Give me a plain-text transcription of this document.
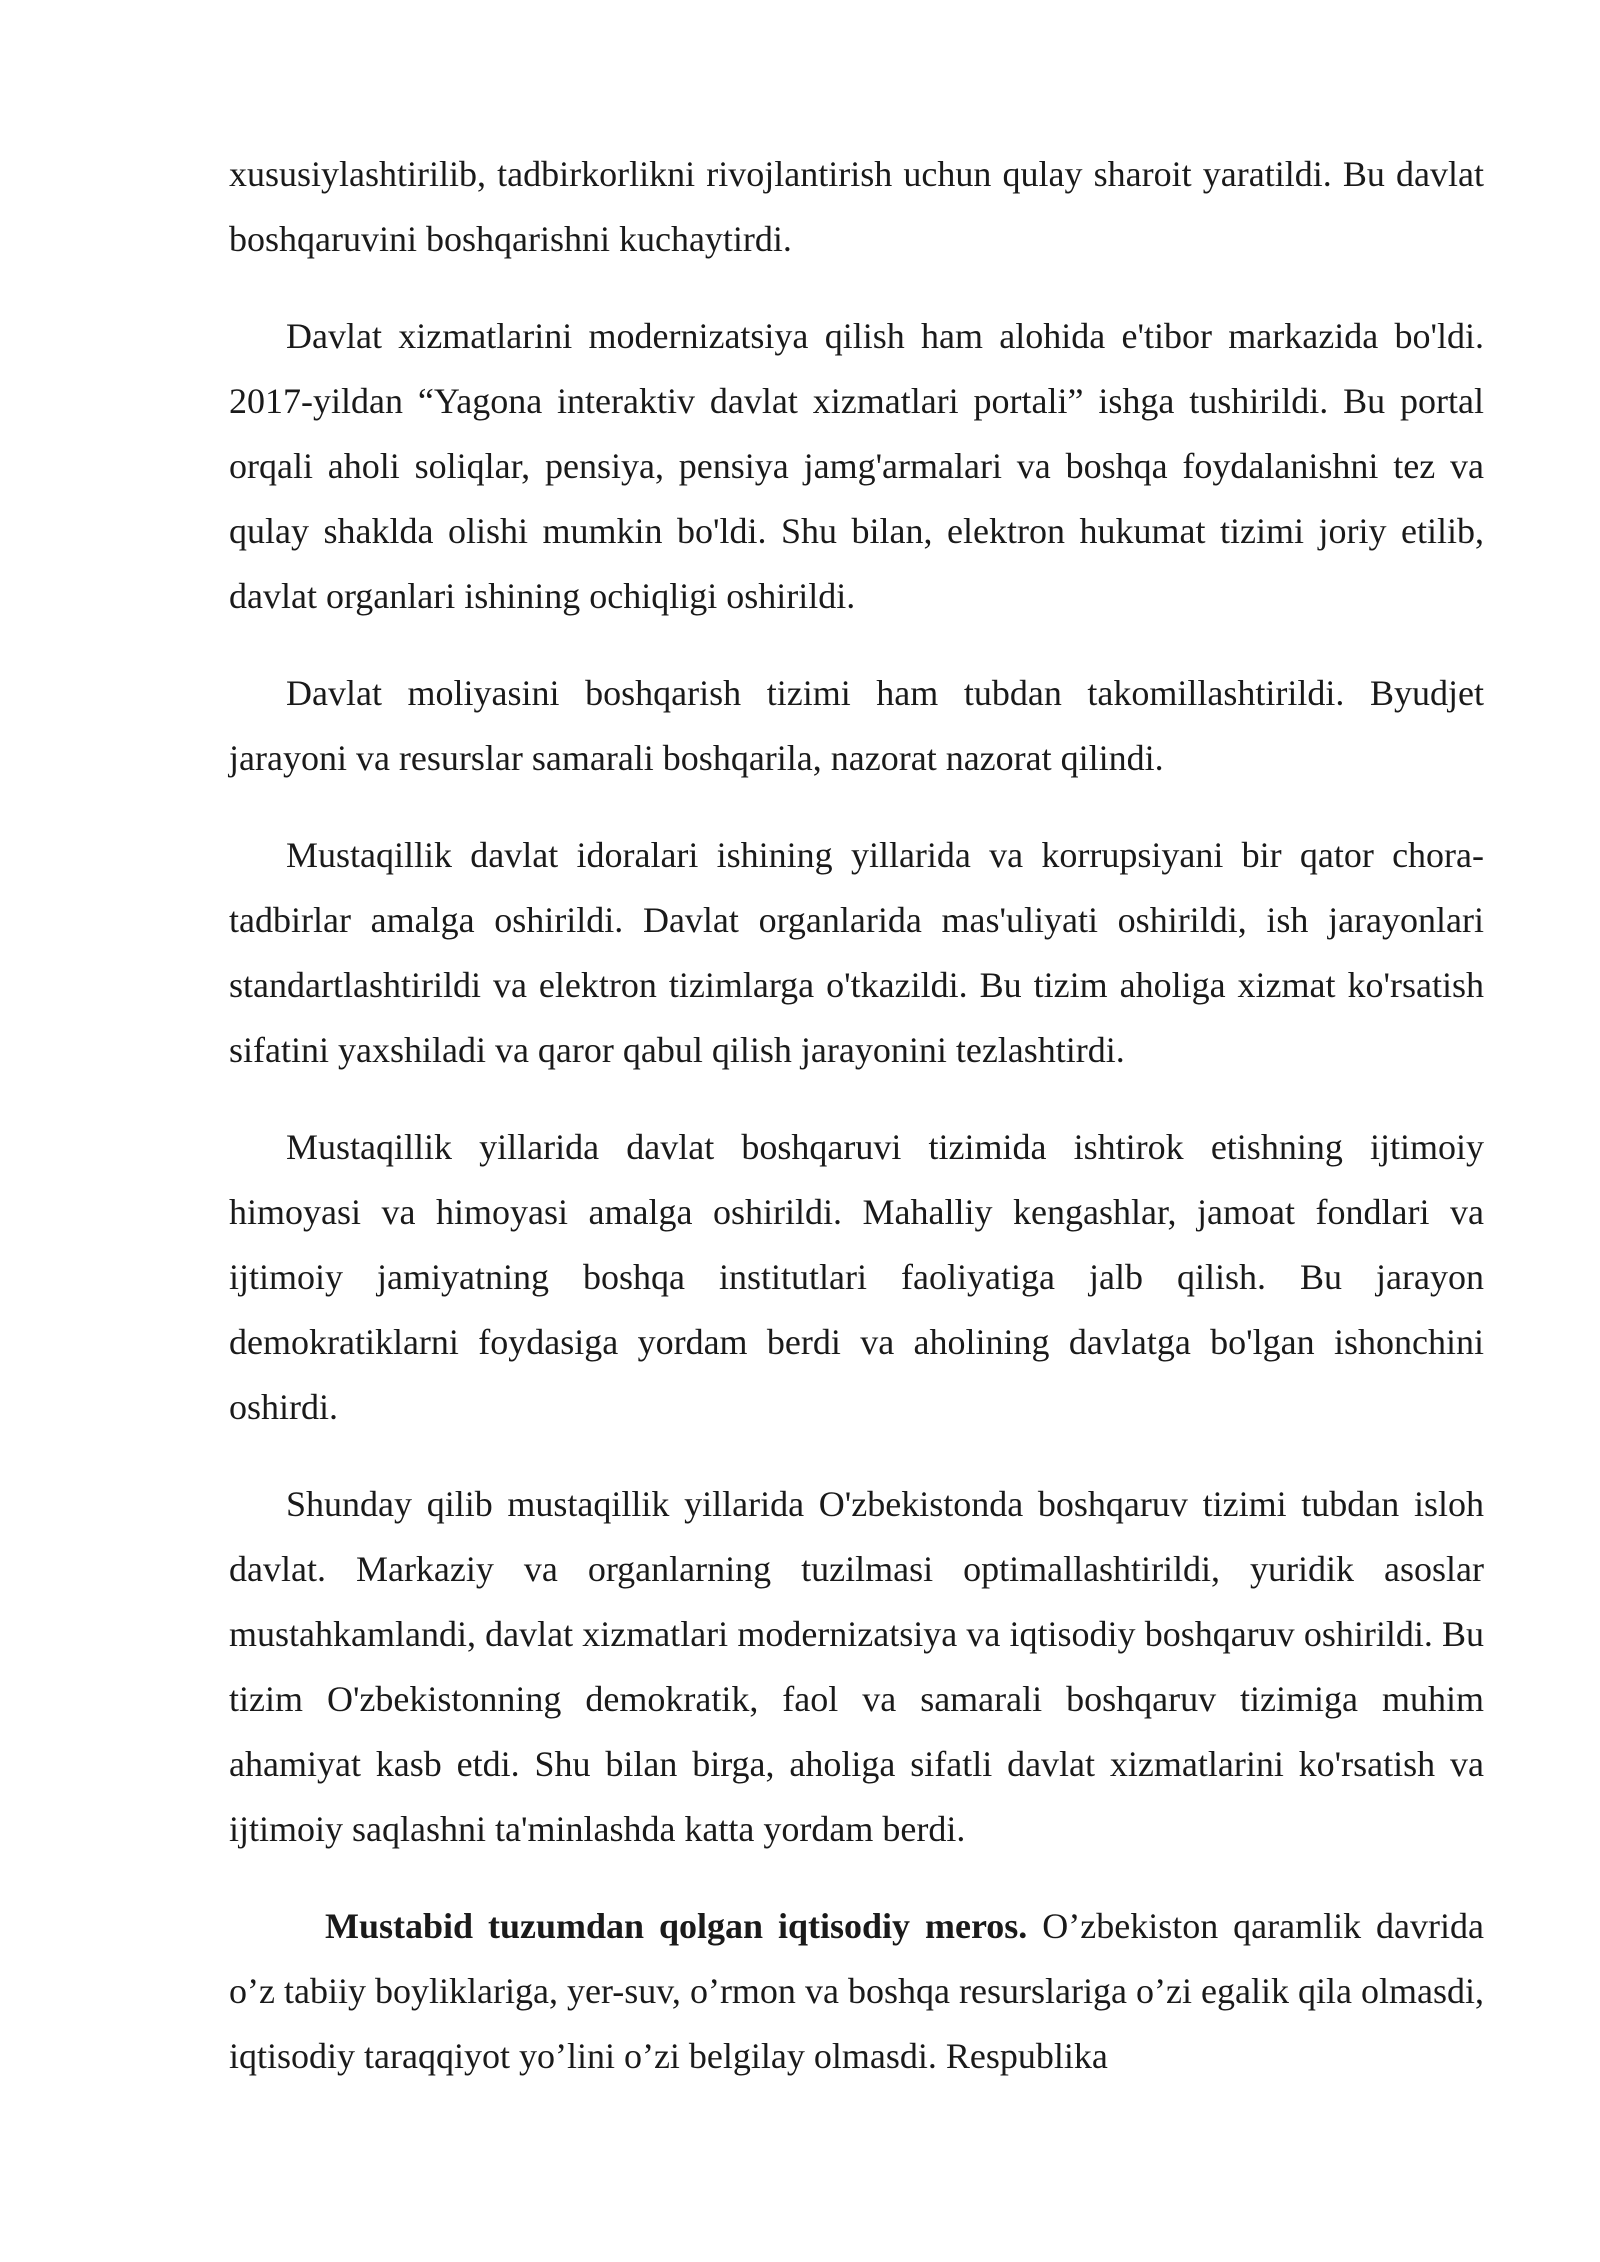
xususiylashtirilib, tadbirkorlikni rivojlantirish uchun qulay sharoit yaratildi. Bu davlat boshqaruvini boshqarishni kuchaytirdi.

Davlat xizmatlarini modernizatsiya qilish ham alohida e'tibor markazida bo'ldi. 2017-yildan “Yagona interaktiv davlat xizmatlari portali” ishga tushirildi. Bu portal orqali aholi soliqlar, pensiya, pensiya jamg'armalari va boshqa foydalanishni tez va qulay shaklda olishi mumkin bo'ldi. Shu bilan, elektron hukumat tizimi joriy etilib, davlat organlari ishining ochiqligi oshirildi.

Davlat moliyasini boshqarish tizimi ham tubdan takomillashtirildi. Byudjet jarayoni va resurslar samarali boshqarila, nazorat nazorat qilindi.

Mustaqillik davlat idoralari ishining yillarida va korrupsiyani bir qator chora-tadbirlar amalga oshirildi. Davlat organlarida mas'uliyati oshirildi, ish jarayonlari standartlashtirildi va elektron tizimlarga o'tkazildi. Bu tizim aholiga xizmat ko'rsatish sifatini yaxshiladi va qaror qabul qilish jarayonini tezlashtirdi.

Mustaqillik yillarida davlat boshqaruvi tizimida ishtirok etishning ijtimoiy himoyasi va himoyasi amalga oshirildi. Mahalliy kengashlar, jamoat fondlari va ijtimoiy jamiyatning boshqa institutlari faoliyatiga jalb qilish. Bu jarayon demokratiklarni foydasiga yordam berdi va aholining davlatga bo'lgan ishonchini oshirdi.

Shunday qilib mustaqillik yillarida O'zbekistonda boshqaruv tizimi tubdan isloh davlat. Markaziy va organlarning tuzilmasi optimallashtirildi, yuridik asoslar mustahkamlandi, davlat xizmatlari modernizatsiya va iqtisodiy boshqaruv oshirildi. Bu tizim O'zbekistonning demokratik, faol va samarali boshqaruv tizimiga muhim ahamiyat kasb etdi. Shu bilan birga, aholiga sifatli davlat xizmatlarini ko'rsatish va ijtimoiy saqlashni ta'minlashda katta yordam berdi.

Mustabid tuzumdan qolgan iqtisodiy meros. O’zbekiston qaramlik davrida o’z tabiiy boyliklariga, yer-suv, o’rmon va boshqa resurslariga o’zi egalik qila olmasdi, iqtisodiy taraqqiyot yo’lini o’zi belgilay olmasdi. Respublika
